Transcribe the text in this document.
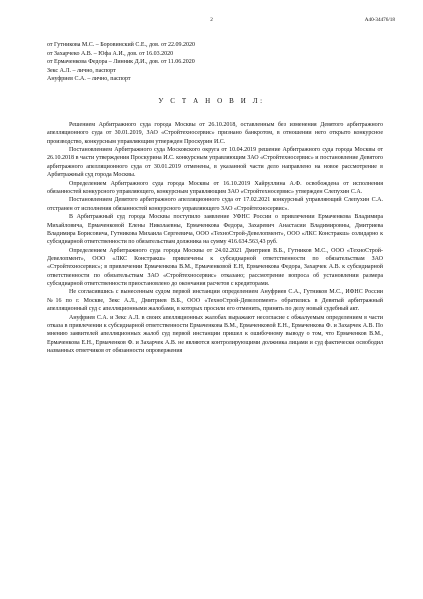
2	А40-34476/18
от Гутникова М.С. – Боровинский С.Е., дов. от 22.09.2020
от Захарчеко А.В. – Юфа А.И., дов. от 16.03.2020
от Ермаченкова Федора – Линник Д.И., дов. от 11.06.2020
Зекс А.Л. – лично, паспорт
Ануфриев С.А. – лично, паспорт
У С Т А Н О В И Л:

Решением Арбитражного суда города Москвы от 26.10.2018, оставленным без изменения Девятого арбитражного апелляционного суда от 30.01.2019, ЗАО «Стройтехносервис» признано банкротом, в отношении него открыто конкурсное производство, конкурсным управляющим утвержден Проскурин И.С.

Постановлением Арбитражного суда Московского округа от 10.04.2019 решение Арбитражного суда города Москвы от 26.10.2018 в части утверждения Проскурина И.С. конкурсным управляющим ЗАО «Стройтехносервис» и постановление Девятого арбитражного апелляционного суда от 30.01.2019 отменены, в указанной части дело направлено на новое рассмотрение в Арбитражный суд города Москвы.

Определением Арбитражного суда города Москвы от 16.10.2019 Хайруллина А.Ф. освобождена от исполнения обязанностей конкурсного управляющего, конкурсным управляющим ЗАО «Стройтехносервис» утвержден Слепухин С.А.

Постановлением Девятого арбитражного апелляционного суда от 17.02.2021 конкурсный управляющий Слепухин С.А. отстранен от исполнения обязанностей конкурсного управляющего ЗАО «Стройтехносервис».

В Арбитражный суд города Москвы поступило заявление УФНС России о привлечении Ермаченкова Владимира Михайловича, Ермаченковой Елены Николаевны, Ермаченкова Федора, Захаревич Анастасии Владимировны, Дмитриева Владимира Борисовича, Гутникова Михаила Сергеевича, ООО «ТехноСтрой-Девелопмент», ООО «ЛКС Констракш» солидарно к субсидиарной ответственности по обязательствам должника на сумму 416.634.563,43 руб.

Определением Арбитражного суда города Москвы от 24.02.2021 Дмитриев В.Б., Гутников М.С., ООО «ТехноСтрой-Девелопмент», ООО «ЛКС Констракш» привлечены к субсидиарной ответственности по обязательствам ЗАО «Стройтехносервис»; в привлечении Ермаченкова В.М., Ермаченковой Е.Н, Ермаченкова Федора, Захарчек А.В. к субсидиарной ответственности по обязательствам ЗАО «Стройтехносервис» отказано; рассмотрение вопроса об установлении размера субсидиарной ответственности приостановлено до окончания расчетов с кредиторами.

Не согласившись с вынесенным судом первой инстанции определением Ануфриев С.А., Гутников М.С., ИФНС России №16 по г. Москве, Зекс А.Л., Дмитриев В.Б., ООО «ТехноСтрой-Девелопмент» обратились в Девятый арбитражный апелляционный суд с апелляционными жалобами, в которых просили его отменить, принять по делу новый судебный акт.

Ануфриев С.А. и Зекс А.Л. в своих апелляционных жалобах выражают несогласие с обжалуемым определением в части отказа в привлечении к субсидиарной ответственности Ермаченкова В.М., Ермаченковой Е.Н., Ермаченкова Ф. и Захарчек А.В. По мнению заявителей апелляционных жалоб суд первой инстанции пришел к ошибочному выводу о том, что Ермаченков В.М., Ермаченкова Е.Н., Ермаченков Ф. и Захарчек А.В. не являются контролирующими должника лицами и суд фактически освободил названных ответчиков от обязанности опровержения
